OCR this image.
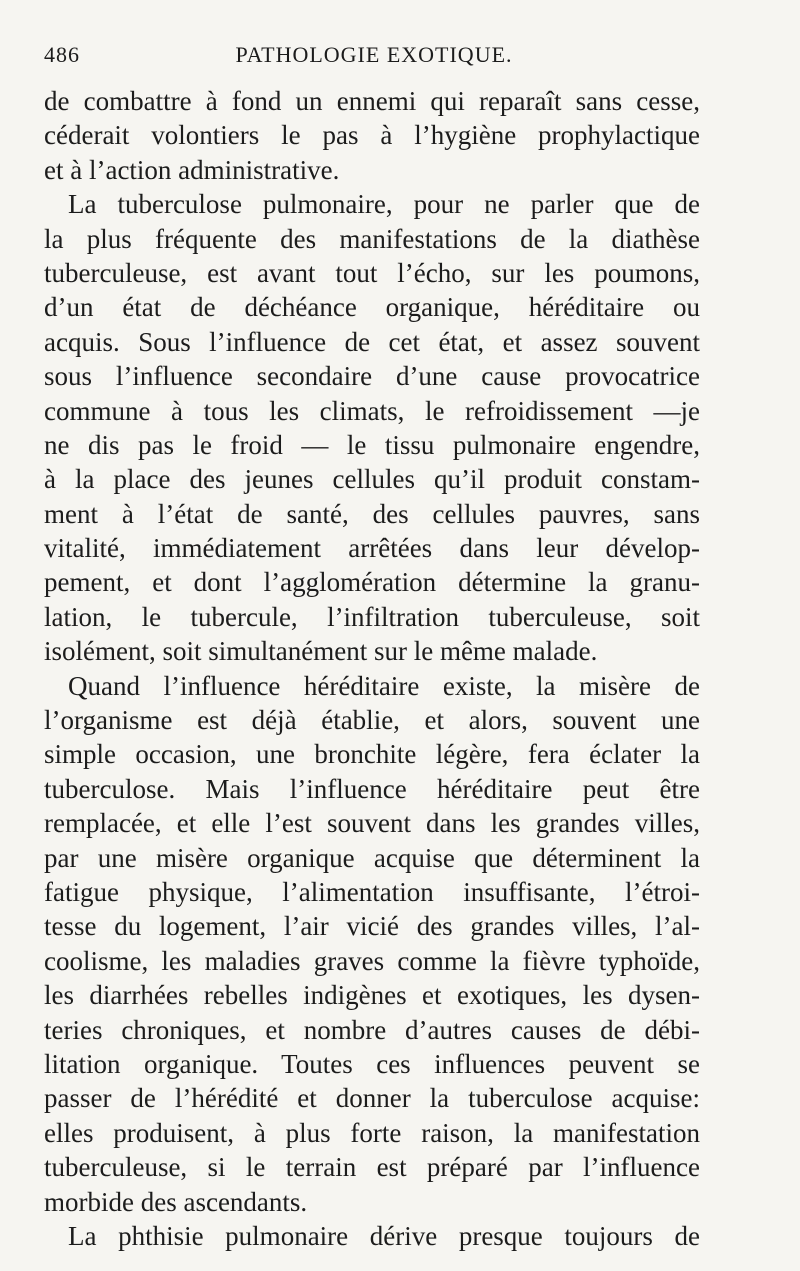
486	PATHOLOGIE EXOTIQUE.
de combattre à fond un ennemi qui reparaît sans cesse,
céderait volontiers le pas à l’hygiène prophylactique
et à l’action administrative.
La tuberculose pulmonaire, pour ne parler que de
la plus fréquente des manifestations de la diathèse
tuberculeuse, est avant tout l’écho, sur les poumons,
d’un état de déchéance organique, héréditaire ou
acquis. Sous l’influence de cet état, et assez souvent
sous l’influence secondaire d’une cause provocatrice
commune à tous les climats, le refroidissement —je
ne dis pas le froid — le tissu pulmonaire engendre,
à la place des jeunes cellules qu’il produit constam-
ment à l’état de santé, des cellules pauvres, sans
vitalité, immédiatement arrêtées dans leur dévelop-
pement, et dont l’agglomération détermine la granu-
lation, le tubercule, l’infiltration tuberculeuse, soit
isolément, soit simultanément sur le même malade.
Quand l’influence héréditaire existe, la misère de
l’organisme est déjà établie, et alors, souvent une
simple occasion, une bronchite légère, fera éclater la
tuberculose. Mais l’influence héréditaire peut être
remplacée, et elle l’est souvent dans les grandes villes,
par une misère organique acquise que déterminent la
fatigue physique, l’alimentation insuffisante, l’étroi-
tesse du logement, l’air vicié des grandes villes, l’al-
coolisme, les maladies graves comme la fièvre typhoïde,
les diarrhées rebelles indigènes et exotiques, les dysen-
teries chroniques, et nombre d’autres causes de débi-
litation organique. Toutes ces influences peuvent se
passer de l’hérédité et donner la tuberculose acquise:
elles produisent, à plus forte raison, la manifestation
tuberculeuse, si le terrain est préparé par l’influence
morbide des ascendants.
La phthisie pulmonaire dérive presque toujours de
